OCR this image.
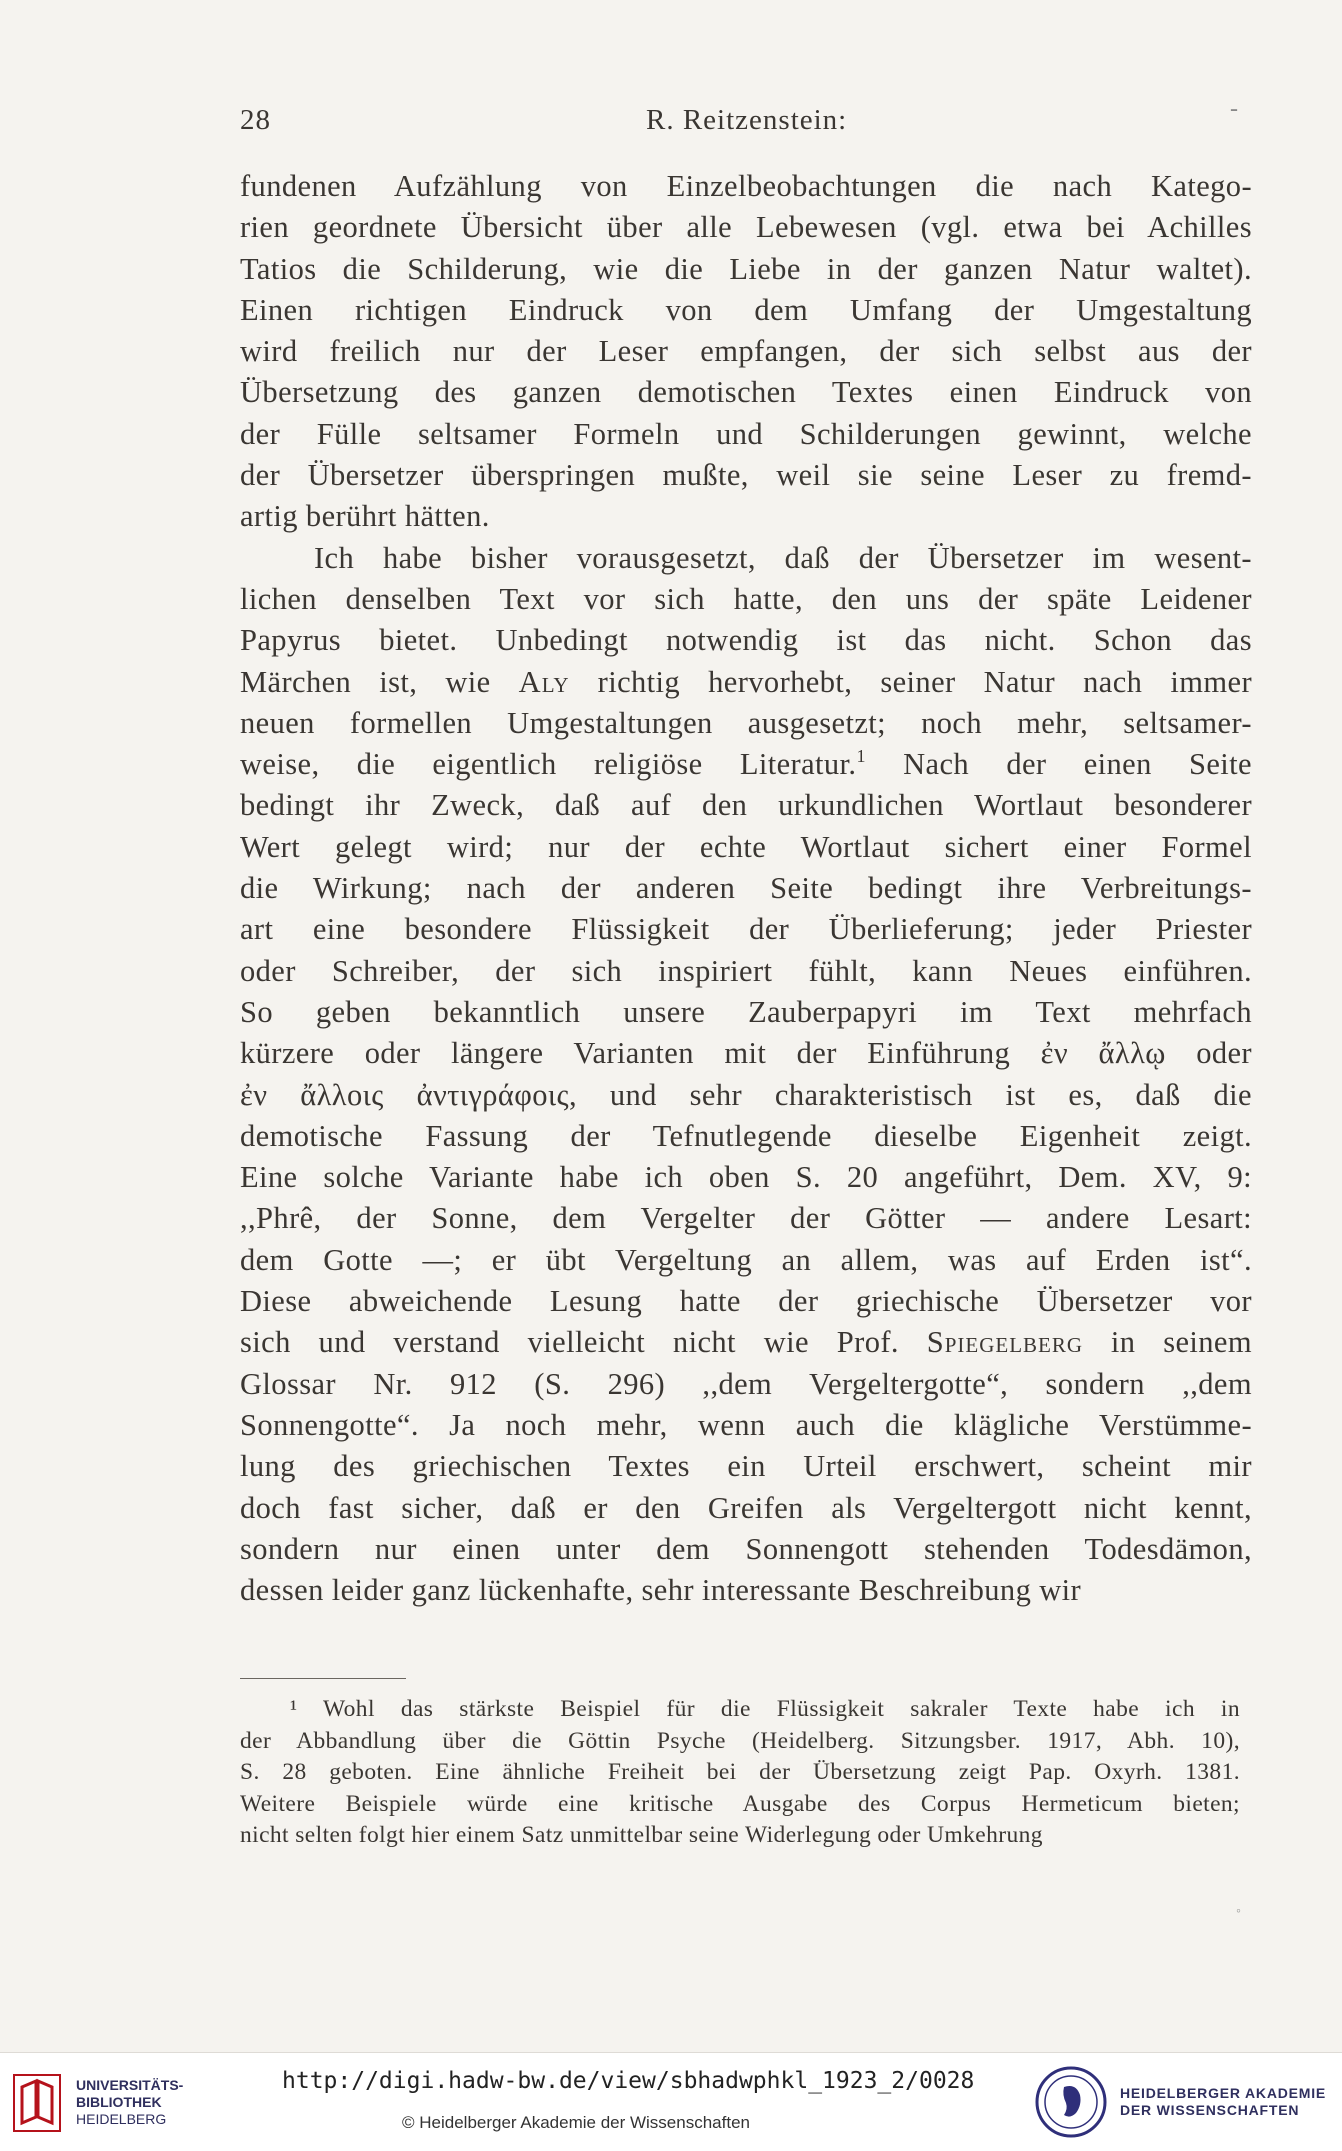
28	R. Reitzenstein:	-
fundenen Aufzählung von Einzelbeobachtungen die nach Katego-
rien geordnete Übersicht über alle Lebewesen (vgl. etwa bei Achilles
Tatios die Schilderung, wie die Liebe in der ganzen Natur waltet).
Einen richtigen Eindruck von dem Umfang der Umgestaltung
wird freilich nur der Leser empfangen, der sich selbst aus der
Übersetzung des ganzen demotischen Textes einen Eindruck von
der Fülle seltsamer Formeln und Schilderungen gewinnt, welche
der Übersetzer überspringen mußte, weil sie seine Leser zu fremd-
artig berührt hätten.
Ich habe bisher vorausgesetzt, daß der Übersetzer im wesent-
lichen denselben Text vor sich hatte, den uns der späte Leidener
Papyrus bietet. Unbedingt notwendig ist das nicht. Schon das
Märchen ist, wie Aly richtig hervorhebt, seiner Natur nach immer
neuen formellen Umgestaltungen ausgesetzt; noch mehr, seltsamer-
weise, die eigentlich religiöse Literatur.$^1$ Nach der einen Seite
bedingt ihr Zweck, daß auf den urkundlichen Wortlaut besonderer
Wert gelegt wird; nur der echte Wortlaut sichert einer Formel
die Wirkung; nach der anderen Seite bedingt ihre Verbreitungs-
art eine besondere Flüssigkeit der Überlieferung; jeder Priester
oder Schreiber, der sich inspiriert fühlt, kann Neues einführen.
So geben bekanntlich unsere Zauberpapyri im Text mehrfach
kürzere oder längere Varianten mit der Einführung ἐν ἄλλῳ oder
ἐν ἄλλοις ἀντιγράφοις, und sehr charakteristisch ist es, daß die
demotische Fassung der Tefnutlegende dieselbe Eigenheit zeigt.
Eine solche Variante habe ich oben S. 20 angeführt, Dem. XV, 9:
,,Phrê, der Sonne, dem Vergelter der Götter — andere Lesart:
dem Gotte —; er übt Vergeltung an allem, was auf Erden ist“.
Diese abweichende Lesung hatte der griechische Übersetzer vor
sich und verstand vielleicht nicht wie Prof. Spiegelberg in seinem
Glossar Nr. 912 (S. 296) ,,dem Vergeltergotte“, sondern ,,dem
Sonnengotte“. Ja noch mehr, wenn auch die klägliche Verstümme-
lung des griechischen Textes ein Urteil erschwert, scheint mir
doch fast sicher, daß er den Greifen als Vergeltergott nicht kennt,
sondern nur einen unter dem Sonnengott stehenden Todesdämon,
dessen leider ganz lückenhafte, sehr interessante Beschreibung wir
¹ Wohl das stärkste Beispiel für die Flüssigkeit sakraler Texte habe ich in
der Abbandlung über die Göttin Psyche (Heidelberg. Sitzungsber. 1917, Abh. 10),
S. 28 geboten. Eine ähnliche Freiheit bei der Übersetzung zeigt Pap. Oxyrh. 1381.
Weitere Beispiele würde eine kritische Ausgabe des Corpus Hermeticum bieten;
nicht selten folgt hier einem Satz unmittelbar seine Widerlegung oder Umkehrung
◦
UNIVERSITÄTS-
BIBLIOTHEK
HEIDELBERG
http://digi.hadw-bw.de/view/sbhadwphkl_1923_2/0028
© Heidelberger Akademie der Wissenschaften
HEIDELBERGER AKADEMIE
DER WISSENSCHAFTEN
